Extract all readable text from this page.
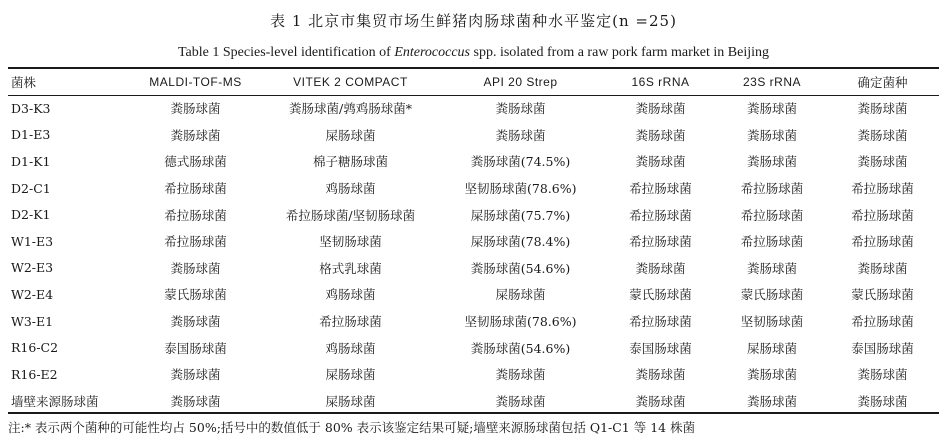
表 1 北京市集贸市场生鲜猪肉肠球菌种水平鉴定(n =25)
Table 1 Species-level identification of Enterococcus spp. isolated from a raw pork farm market in Beijing
菌株	MALDI-TOF-MS	VITEK 2 COMPACT	API 20 Strep	16S rRNA	23S rRNA	确定菌种
D3-K3	粪肠球菌	粪肠球菌/鹑鸡肠球菌*	粪肠球菌	粪肠球菌	粪肠球菌	粪肠球菌
D1-E3	粪肠球菌	屎肠球菌	粪肠球菌	粪肠球菌	粪肠球菌	粪肠球菌
D1-K1	德式肠球菌	棉子糖肠球菌	粪肠球菌(74.5%)	粪肠球菌	粪肠球菌	粪肠球菌
D2-C1	希拉肠球菌	鸡肠球菌	坚韧肠球菌(78.6%)	希拉肠球菌	希拉肠球菌	希拉肠球菌
D2-K1	希拉肠球菌	希拉肠球菌/坚韧肠球菌	屎肠球菌(75.7%)	希拉肠球菌	希拉肠球菌	希拉肠球菌
W1-E3	希拉肠球菌	坚韧肠球菌	屎肠球菌(78.4%)	希拉肠球菌	希拉肠球菌	希拉肠球菌
W2-E3	粪肠球菌	格式乳球菌	粪肠球菌(54.6%)	粪肠球菌	粪肠球菌	粪肠球菌
W2-E4	蒙氏肠球菌	鸡肠球菌	屎肠球菌	蒙氏肠球菌	蒙氏肠球菌	蒙氏肠球菌
W3-E1	粪肠球菌	希拉肠球菌	坚韧肠球菌(78.6%)	希拉肠球菌	坚韧肠球菌	希拉肠球菌
R16-C2	泰国肠球菌	鸡肠球菌	粪肠球菌(54.6%)	泰国肠球菌	屎肠球菌	泰国肠球菌
R16-E2	粪肠球菌	屎肠球菌	粪肠球菌	粪肠球菌	粪肠球菌	粪肠球菌
墙壁来源肠球菌	粪肠球菌	屎肠球菌	粪肠球菌	粪肠球菌	粪肠球菌	粪肠球菌
注:* 表示两个菌种的可能性均占 50%;括号中的数值低于 80% 表示该鉴定结果可疑;墙壁来源肠球菌包括 Q1-C1 等 14 株菌
